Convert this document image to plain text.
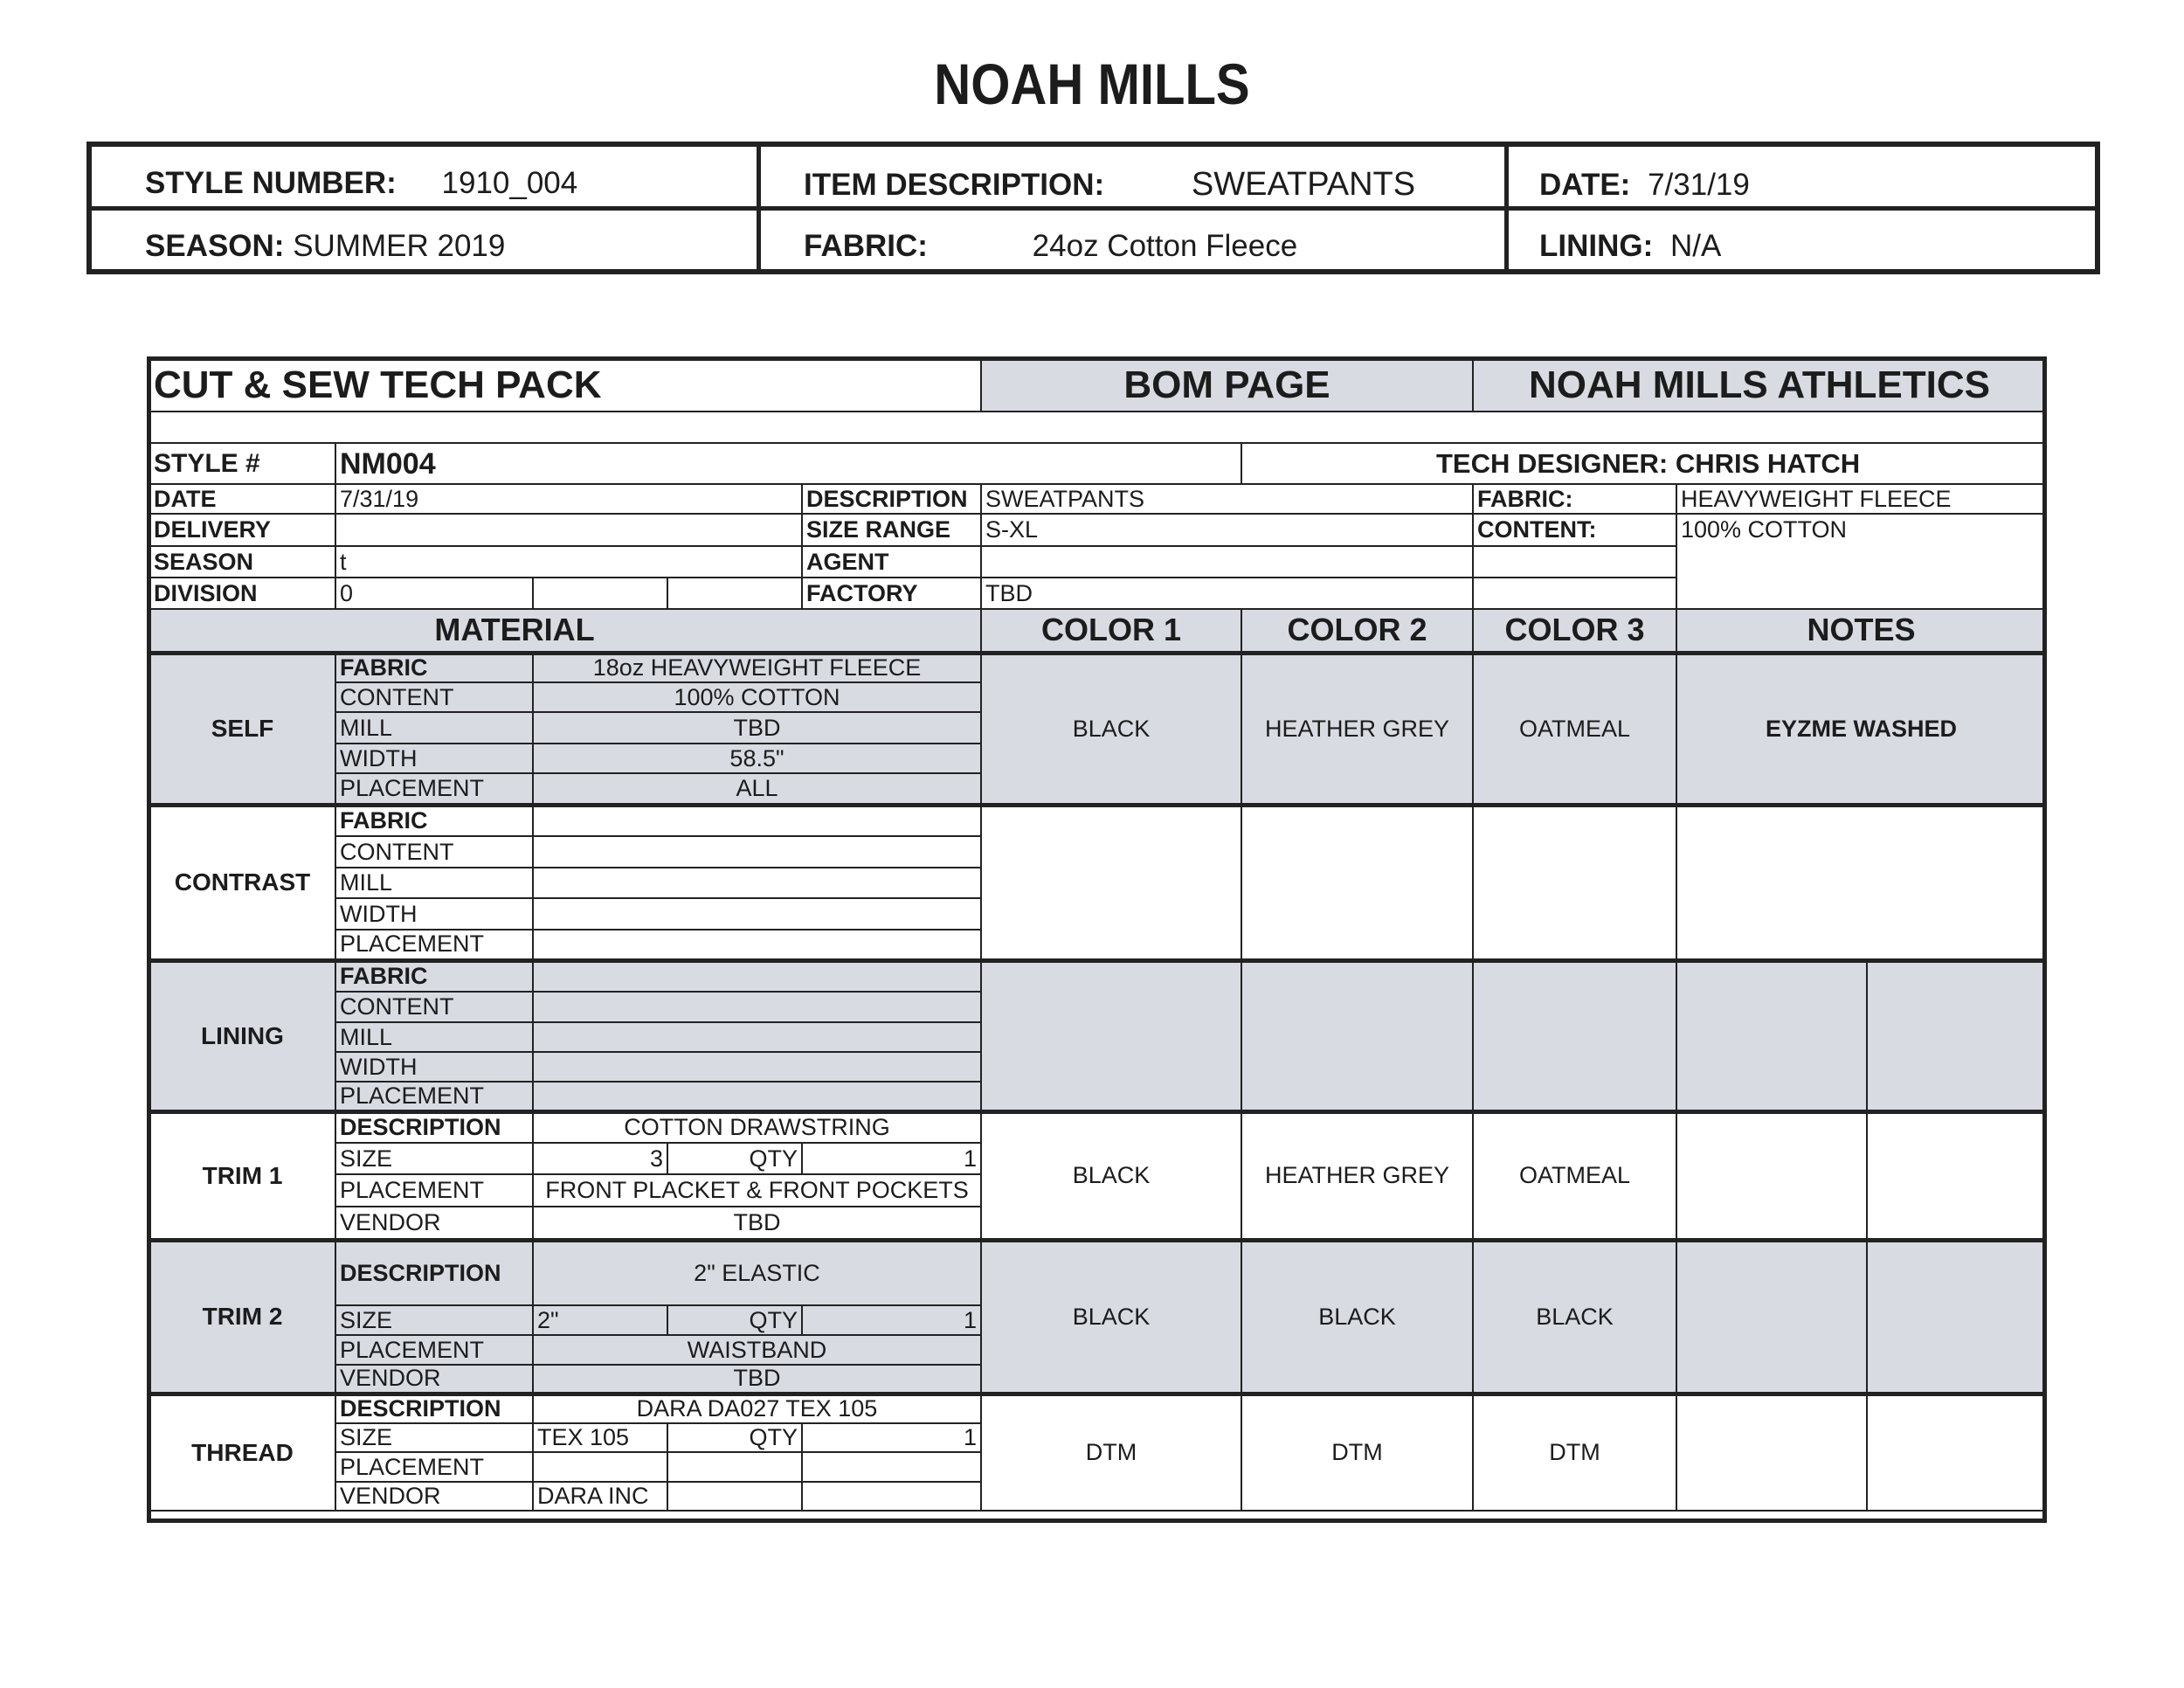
NOAH MILLS
STYLE NUMBER: 1910_004	ITEM DESCRIPTION:	SWEATPANTS	DATE: 7/31/19
SEASON: SUMMER 2019	FABRIC:	24oz Cotton Fleece	LINING: N/A
CUT & SEW TECH PACK					BOM PAGE		NOAH MILLS ATHLETICS		

STYLE #	NM004					TECH DESIGNER: CHRIS HATCH			
DATE	7/31/19			DESCRIPTION	SWEATPANTS		FABRIC:	HEAVYWEIGHT FLEECE	
DELIVERY				SIZE RANGE	S-XL		CONTENT:	100% COTTON	
SEASON	t			AGENT					
DIVISION	0			FACTORY	TBD				
MATERIAL					COLOR 1	COLOR 2	COLOR 3	NOTES	
SELF	FABRIC	18oz HEAVYWEIGHT FLEECE			BLACK	HEATHER GREY	OATMEAL	EYZME WASHED	
	CONTENT	100% COTTON							
	MILL	TBD							
	WIDTH	58.5"							
	PLACEMENT	ALL							
CONTRAST	FABRIC								
	CONTENT								
	MILL								
	WIDTH								
	PLACEMENT								
LINING	FABRIC								
	CONTENT								
	MILL								
	WIDTH								
	PLACEMENT								
TRIM 1	DESCRIPTION	COTTON DRAWSTRING			BLACK	HEATHER GREY	OATMEAL		
	SIZE	3	QTY	1					
	PLACEMENT	FRONT PLACKET & FRONT POCKETS							
	VENDOR	TBD							
TRIM 2	DESCRIPTION	2" ELASTIC			BLACK	BLACK	BLACK		
	SIZE	2"	QTY	1					
	PLACEMENT	WAISTBAND							
	VENDOR	TBD							
THREAD	DESCRIPTION	DARA DA027 TEX 105			DTM	DTM	DTM		
	SIZE	TEX 105	QTY	1					
	PLACEMENT								
	VENDOR	DARA INC							
